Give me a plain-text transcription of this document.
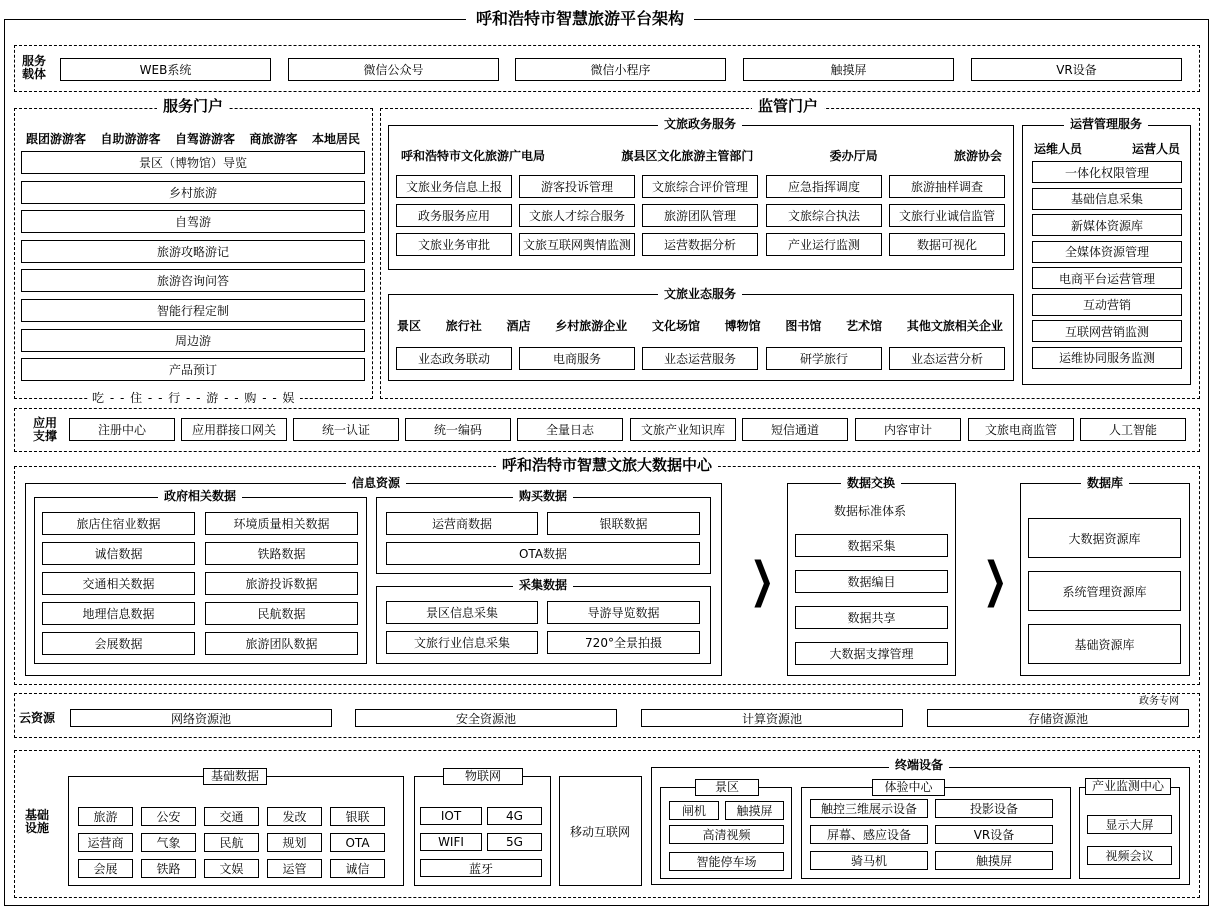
呼和浩特市智慧旅游平台架构
服务载体
服务门户
跟团游游客 自助游游客 自驾游游客 商旅游客 本地居民
吃 - - 住 - - 行 - - 游 - - 购 - - 娱
监管门户
文旅政务服务
呼和浩特市文化旅游广电局	旗县区文化旅游主管部门	委办厅局	旅游协会
文旅业态服务
景区 旅行社 酒店 乡村旅游企业 文化场馆 博物馆 图书馆 艺术馆 其他文旅相关企业
运营管理服务
运维人员	运营人员
应用支撑
呼和浩特市智慧文旅大数据中心
信息资源
政府相关数据	购买数据
采集数据	❯
数据交换
数据标准体系
❯
数据库
云资源
政务专网
基础设施
基础数据	物联网
移动互联网
终端设备
景区	体验中心	产业监测中心
WEB系统	微信公众号	微信小程序	触摸屏	VR设备
景区（博物馆）导览
乡村旅游
自驾游
旅游攻略游记
旅游咨询问答
智能行程定制
周边游
产品预订
文旅业务信息上报	游客投诉管理	文旅综合评价管理	应急指挥调度	旅游抽样调查
政务服务应用	文旅人才综合服务	旅游团队管理	文旅综合执法	文旅行业诚信监管
文旅业务审批	文旅互联网舆情监测	运营数据分析	产业运行监测	数据可视化
业态政务联动	电商服务	业态运营服务	研学旅行	业态运营分析
一体化权限管理
基础信息采集
新媒体资源库
全媒体资源管理
电商平台运营管理
互动营销
互联网营销监测
运维协同服务监测
注册中心	应用群接口网关	统一认证	统一编码	全量日志	文旅产业知识库	短信通道	内容审计	文旅电商监管	人工智能
旅店住宿业数据	环境质量相关数据
诚信数据	铁路数据
交通相关数据	旅游投诉数据
地理信息数据	民航数据
会展数据	旅游团队数据
运营商数据	银联数据
OTA数据
景区信息采集	导游导览数据
文旅行业信息采集	720°全景拍摄
数据采集
数据编目
数据共享
大数据支撑管理
大数据资源库
系统管理资源库
基础资源库
网络资源池	安全资源池	计算资源池	存储资源池
旅游	公安	交通	发改	银联
运营商	气象	民航	规划	OTA
会展	铁路	文娱	运管	诚信
IOT	4G
WIFI	5G
蓝牙
闸机	触摸屏
高清视频
智能停车场
触控三维展示设备	投影设备
屏幕、感应设备	VR设备
骑马机	触摸屏
显示大屏
视频会议
